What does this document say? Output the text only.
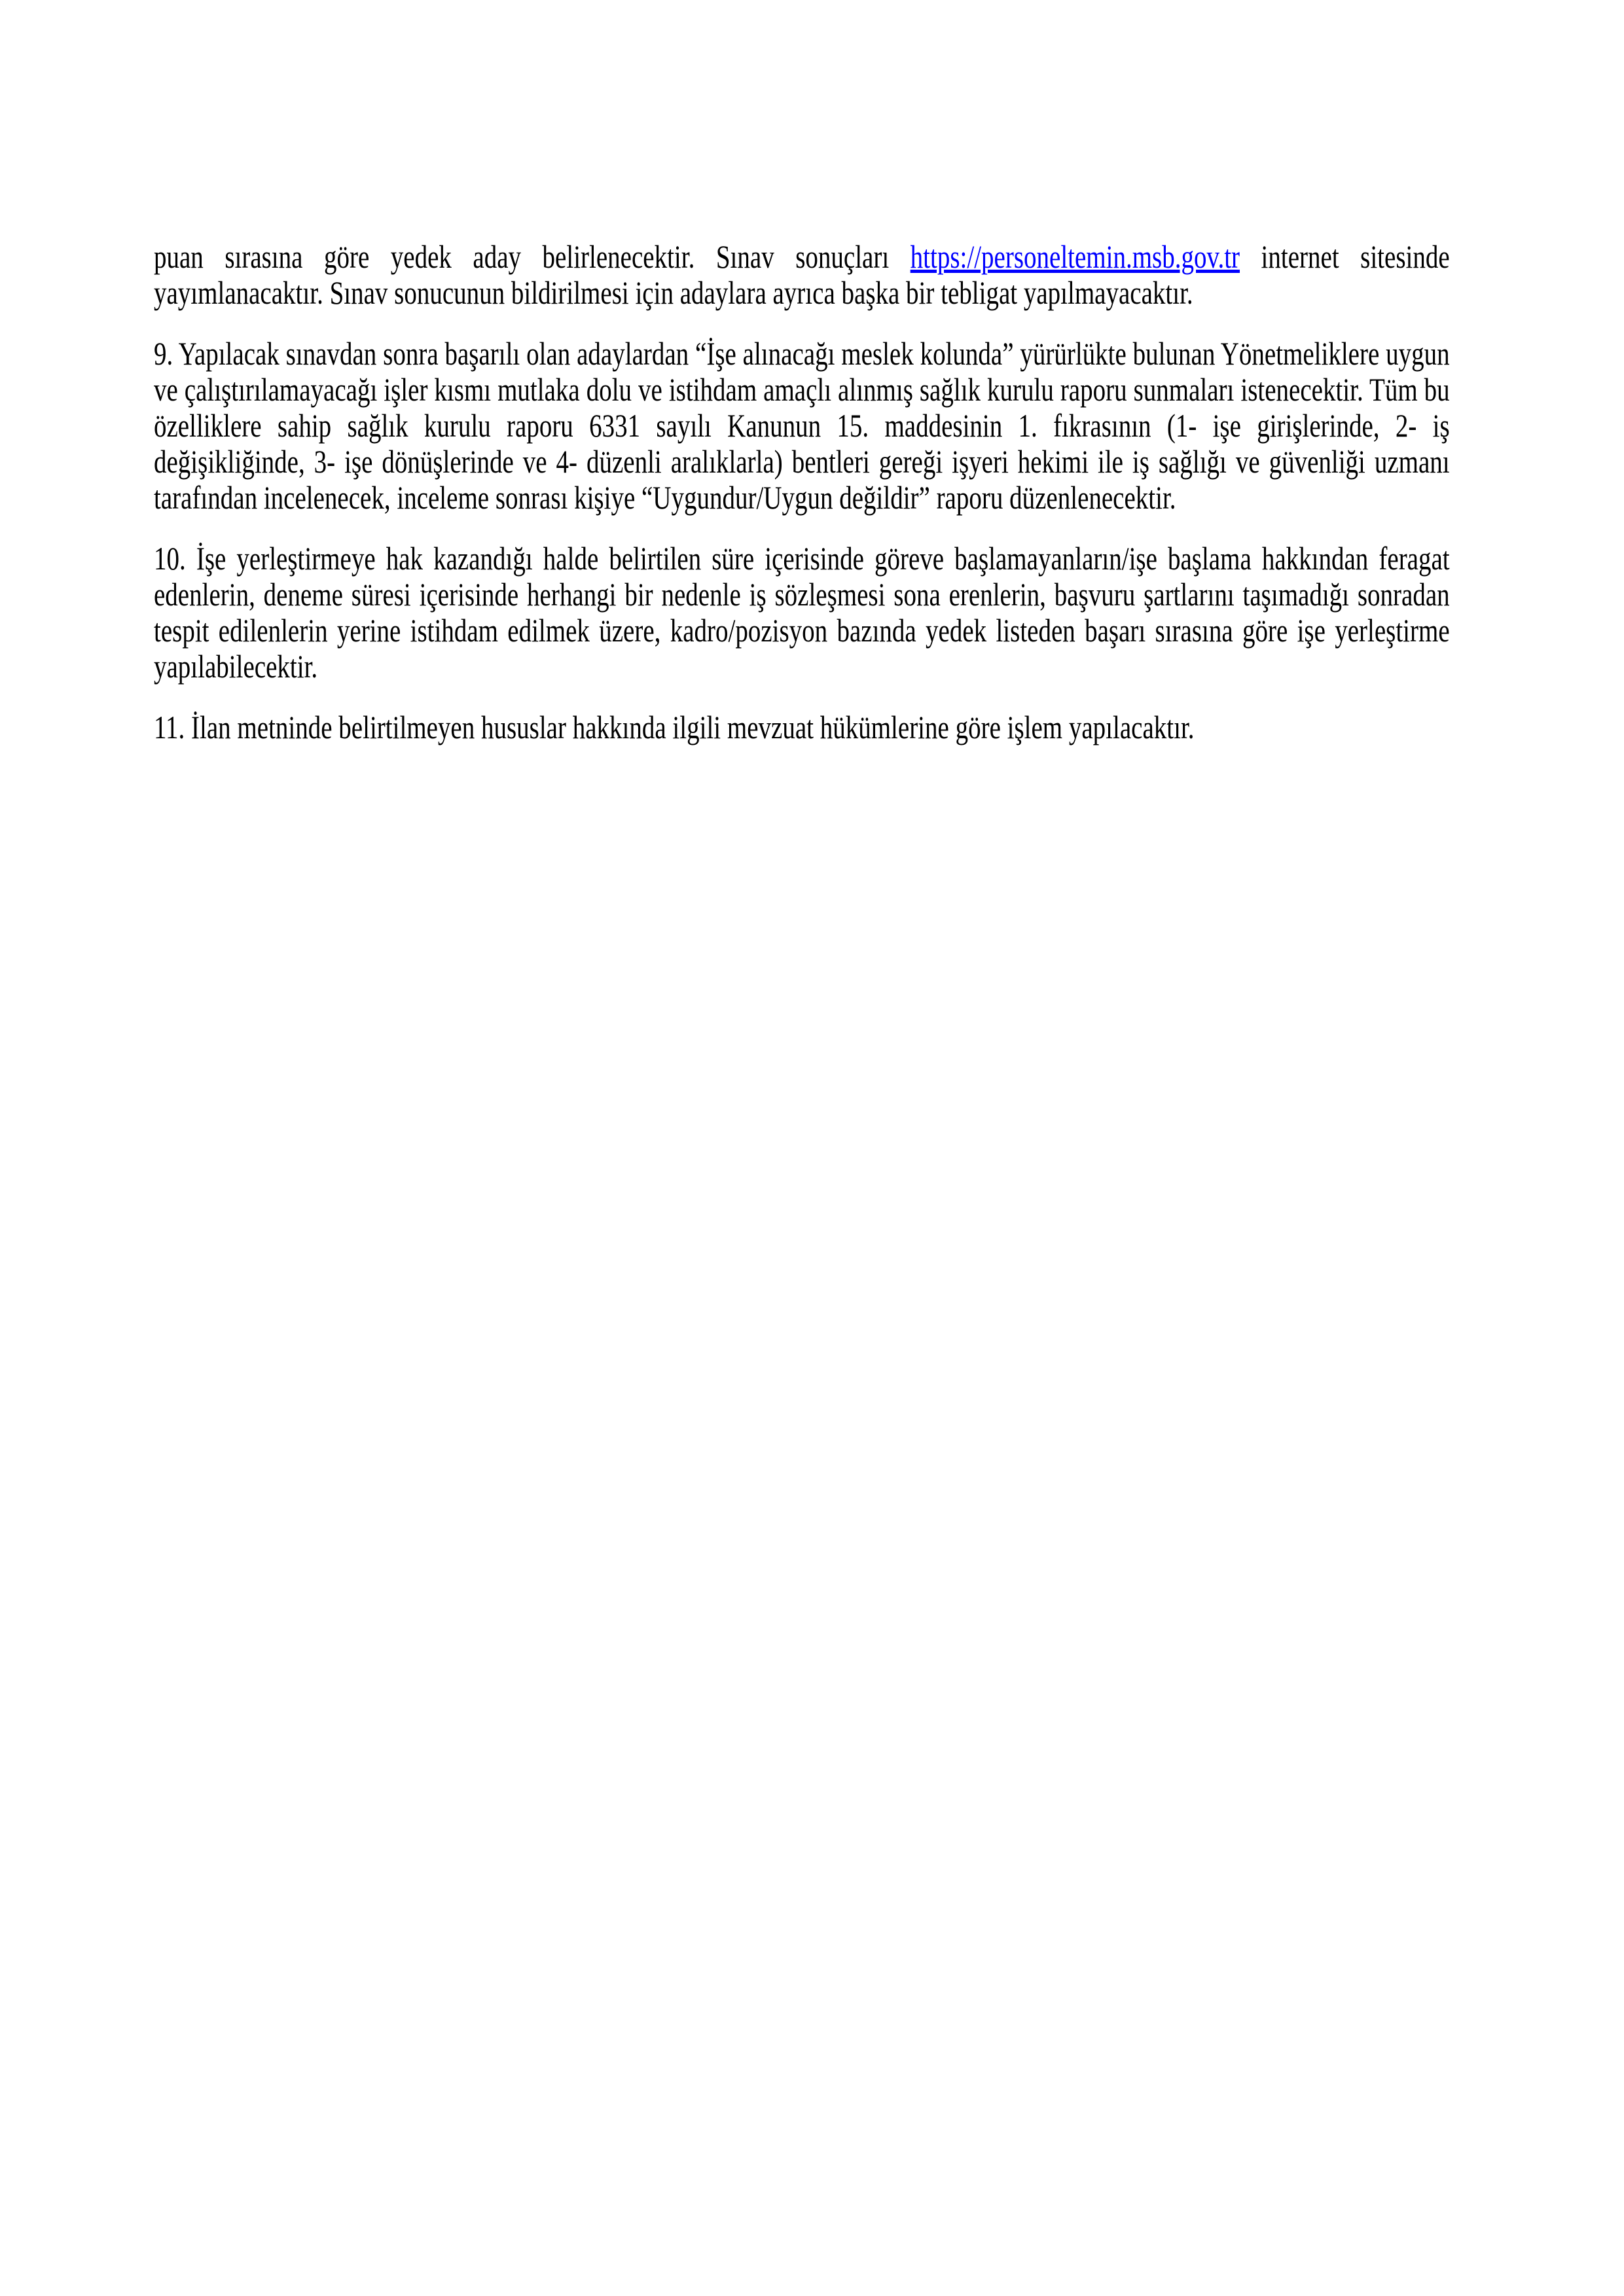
puan sırasına göre yedek aday belirlenecektir. Sınav sonuçları https://personeltemin.msb.gov.tr internet sitesinde yayımlanacaktır. Sınav sonucunun bildirilmesi için adaylara ayrıca başka bir tebligat yapılmayacaktır.

9. Yapılacak sınavdan sonra başarılı olan adaylardan “İşe alınacağı meslek kolunda” yürürlükte bulunan Yönetmeliklere uygun ve çalıştırılamayacağı işler kısmı mutlaka dolu ve istihdam amaçlı alınmış sağlık kurulu raporu sunmaları istenecektir. Tüm bu özelliklere sahip sağlık kurulu raporu 6331 sayılı Kanunun 15. maddesinin 1. fıkrasının (1- işe girişlerinde, 2- iş değişikliğinde, 3- işe dönüşlerinde ve 4- düzenli aralıklarla) bentleri gereği işyeri hekimi ile iş sağlığı ve güvenliği uzmanı tarafından incelenecek, inceleme sonrası kişiye “Uygundur/Uygun değildir” raporu düzenlenecektir.

10. İşe yerleştirmeye hak kazandığı halde belirtilen süre içerisinde göreve başlamayanların/işe başlama hakkından feragat edenlerin, deneme süresi içerisinde herhangi bir nedenle iş sözleşmesi sona erenlerin, başvuru şartlarını taşımadığı sonradan tespit edilenlerin yerine istihdam edilmek üzere, kadro/pozisyon bazında yedek listeden başarı sırasına göre işe yerleştirme yapılabilecektir.

11. İlan metninde belirtilmeyen hususlar hakkında ilgili mevzuat hükümlerine göre işlem yapılacaktır.
